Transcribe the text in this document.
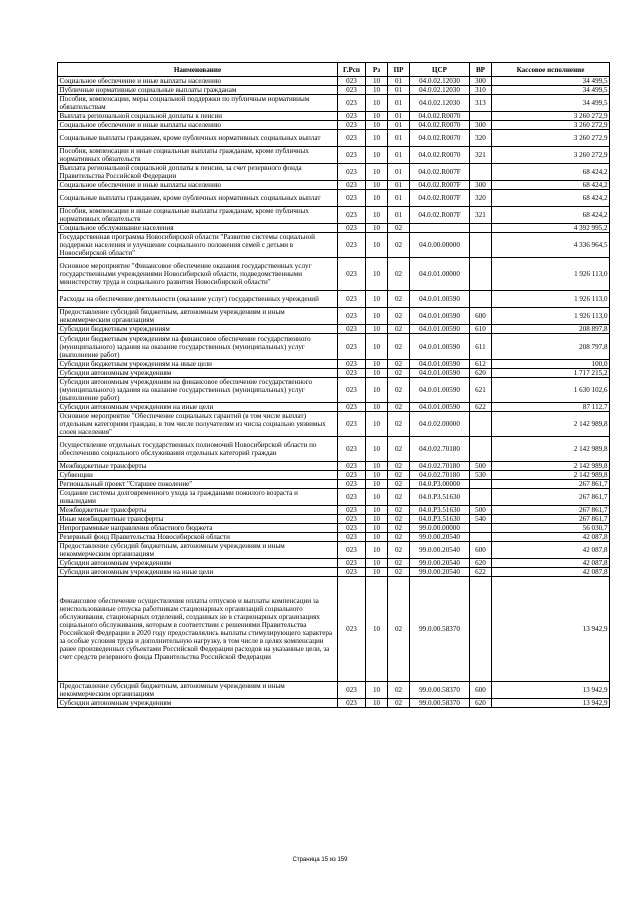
Наименование	Г.Рсп	Рз	ПР	ЦСР	ВР	Кассовое исполнение
Социальное обеспечение и иные выплаты населению	023	10	01	04.0.02.12030	300	34 499,5
Публичные нормативные социальные выплаты гражданам	023	10	01	04.0.02.12030	310	34 499,5
Пособия, компенсации, меры социальной поддержки по публичным нормативным обязательствам	023	10	01	04.0.02.12030	313	34 499,5
Выплата региональной социальной доплаты к пенсии	023	10	01	04.0.02.R0070		3 260 272,9
Социальное обеспечение и иные выплаты населению	023	10	01	04.0.02.R0070	300	3 260 272,9
Социальные выплаты гражданам, кроме публичных нормативных социальных выплат	023	10	01	04.0.02.R0070	320	3 260 272,9
Пособия, компенсации и иные социальные выплаты гражданам, кроме публичных нормативных обязательств	023	10	01	04.0.02.R0070	321	3 260 272,9
Выплата региональной социальной доплаты к пенсии, за счет резервного фонда Правительства Российской Федерации	023	10	01	04.0.02.R007F		68 424,2
Социальное обеспечение и иные выплаты населению	023	10	01	04.0.02.R007F	300	68 424,2
Социальные выплаты гражданам, кроме публичных нормативных социальных выплат	023	10	01	04.0.02.R007F	320	68 424,2
Пособия, компенсации и иные социальные выплаты гражданам, кроме публичных нормативных обязательств	023	10	01	04.0.02.R007F	321	68 424,2
Социальное обслуживание населения	023	10	02			4 392 995,2
Государственная программа Новосибирской области "Развитие системы социальной поддержки населения и улучшение социального положения семей с детьми в Новосибирской области"	023	10	02	04.0.00.00000		4 336 964,5
Основное мероприятие "Финансовое обеспечение оказания государственных услуг государственными учреждениями Новосибирской области, подведомственными министерству труда и социального развития Новосибирской области"	023	10	02	04.0.01.00000		1 926 113,0
Расходы на обеспечение деятельности (оказание услуг) государственных учреждений	023	10	02	04.0.01.00590		1 926 113,0
Предоставление субсидий бюджетным, автономным учреждениям и иным некоммерческим организациям	023	10	02	04.0.01.00590	600	1 926 113,0
Субсидии бюджетным учреждениям	023	10	02	04.0.01.00590	610	208 897,8
Субсидии бюджетным учреждениям на финансовое обеспечение государственного (муниципального) задания на оказание государственных (муниципальных) услуг (выполнение работ)	023	10	02	04.0.01.00590	611	208 797,8
Субсидии бюджетным учреждениям на иные цели	023	10	02	04.0.01.00590	612	100,0
Субсидии автономным учреждениям	023	10	02	04.0.01.00590	620	1 717 215,2
Субсидии автономным учреждениям на финансовое обеспечение государственного (муниципального) задания на оказание государственных (муниципальных) услуг (выполнение работ)	023	10	02	04.0.01.00590	621	1 630 102,6
Субсидии автономным учреждениям на иные цели	023	10	02	04.0.01.00590	622	87 112,7
Основное мероприятие "Обеспечение социальных гарантий (в том числе выплат) отдельным категориям граждан, в том числе получателям из числа социально уязвимых слоев населения"	023	10	02	04.0.02.00000		2 142 989,8
Осуществление отдельных государственных полномочий Новосибирской области по обеспечению социального обслуживания отдельных категорий граждан	023	10	02	04.0.02.70180		2 142 989,8
Межбюджетные трансферты	023	10	02	04.0.02.70180	500	2 142 989,8
Субвенции	023	10	02	04.0.02.70180	530	2 142 989,8
Региональный проект "Старшее поколение"	023	10	02	04.0.P3.00000		267 861,7
Создание системы долговременного ухода за гражданами пожилого возраста и инвалидами	023	10	02	04.0.P3.51630		267 861,7
Межбюджетные трансферты	023	10	02	04.0.P3.51630	500	267 861,7
Иные межбюджетные трансферты	023	10	02	04.0.P3.51630	540	267 861,7
Непрограммные направления областного бюджета	023	10	02	99.0.00.00000		56 030,7
Резервный фонд Правительства Новосибирской области	023	10	02	99.0.00.20540		42 087,8
Предоставление субсидий бюджетным, автономным учреждениям и иным некоммерческим организациям	023	10	02	99.0.00.20540	600	42 087,8
Субсидии автономным учреждениям	023	10	02	99.0.00.20540	620	42 087,8
Субсидии автономным учреждениям на иные цели	023	10	02	99.0.00.20540	622	42 087,8
Финансовое обеспечение осуществления оплаты отпусков и выплаты компенсации за неиспользованные отпуска работникам стационарных организаций социального обслуживания, стационарных отделений, созданных не в стационарных организациях социального обслуживания, которым в соответствии с решениями Правительства Российской Федерации в 2020 году предоставлялись выплаты стимулирующего характера за особые условия труда и дополнительную нагрузку, в том числе в целях компенсации ранее произведенных субъектами Российской Федерации расходов на указанные цели, за счет средств резервного фонда Правительства Российской Федерации	023	10	02	99.0.00.58370		13 942,9
Предоставление субсидий бюджетным, автономным учреждениям и иным некоммерческим организациям	023	10	02	99.0.00.58370	600	13 942,9
Субсидии автономным учреждениям	023	10	02	99.0.00.58370	620	13 942,9
Страница 15 из 159
